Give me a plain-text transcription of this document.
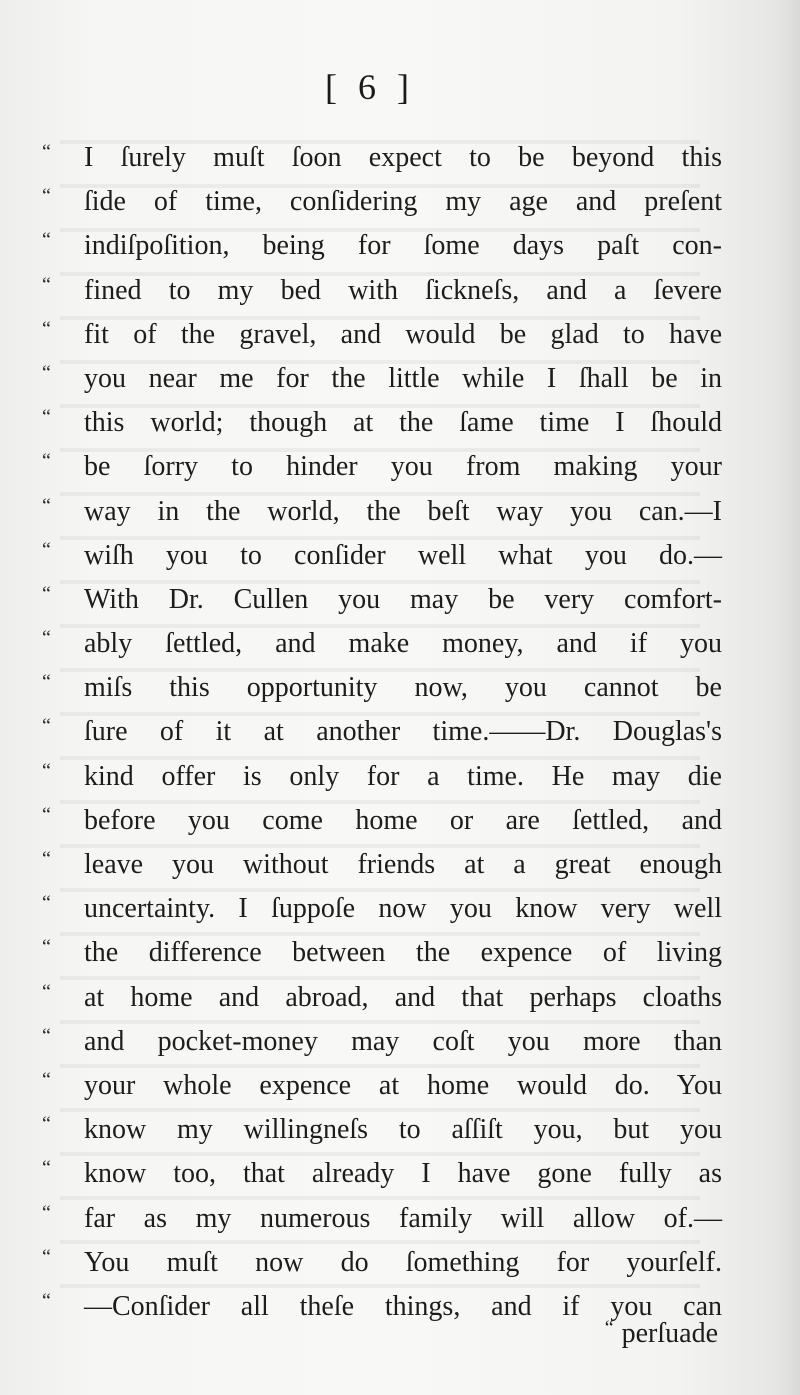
[ 6 ]
“ I ſurely muſt ſoon expect to be beyond this
“ ſide of time, conſidering my age and preſent
“ indiſpoſition, being for ſome days paſt con-
“ fined to my bed with ſickneſs, and a ſevere
“ fit of the gravel, and would be glad to have
“ you near me for the little while I ſhall be in
“ this world; though at the ſame time I ſhould
“ be ſorry to hinder you from making your
“ way in the world, the beſt way you can.—I
“ wiſh you to conſider well what you do.—
“ With Dr. Cullen you may be very comfort-
“ ably ſettled, and make money, and if you
“ miſs this opportunity now, you cannot be
“ ſure of it at another time.——Dr. Douglas's
“ kind offer is only for a time. He may die
“ before you come home or are ſettled, and
“ leave you without friends at a great enough
“ uncertainty. I ſuppoſe now you know very well
“ the difference between the expence of living
“ at home and abroad, and that perhaps cloaths
“ and pocket-money may coſt you more than
“ your whole expence at home would do. You
“ know my willingneſs to aſſiſt you, but you
“ know too, that already I have gone fully as
“ far as my numerous family will allow of.—
“ You muſt now do ſomething for yourſelf.
“ —Conſider all theſe things, and if you can
“ perſuade
